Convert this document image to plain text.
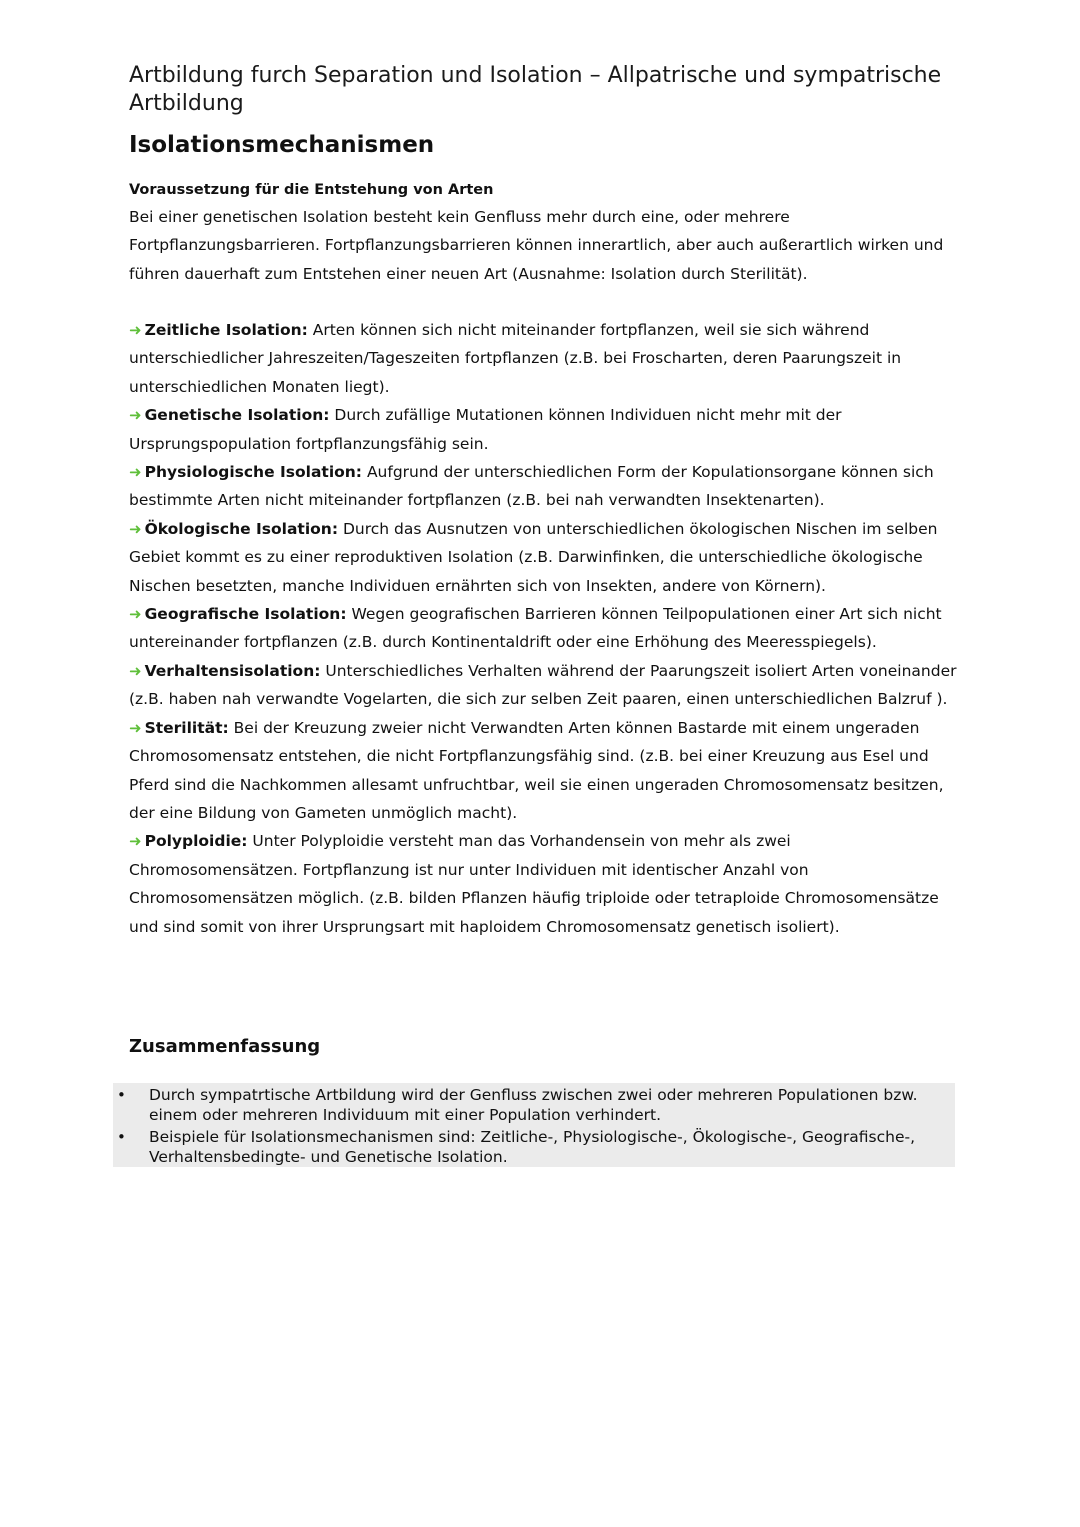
Artbildung furch Separation und Isolation – Allpatrische und sympatrische Artbildung
Isolationsmechanismen
Voraussetzung für die Entstehung von Arten

Bei einer genetischen Isolation besteht kein Genfluss mehr durch eine, oder mehrere Fortpflanzungsbarrieren. Fortpflanzungsbarrieren können innerartlich, aber auch außerartlich wirken und führen dauerhaft zum Entstehen einer neuen Art (Ausnahme: Isolation durch Sterilität).

➜ Zeitliche Isolation: Arten können sich nicht miteinander fortpflanzen, weil sie sich während unterschiedlicher Jahreszeiten/Tageszeiten fortpflanzen (z.B. bei Froscharten, deren Paarungszeit in unterschiedlichen Monaten liegt).
➜ Genetische Isolation: Durch zufällige Mutationen können Individuen nicht mehr mit der Ursprungspopulation fortpflanzungsfähig sein.
➜ Physiologische Isolation: Aufgrund der unterschiedlichen Form der Kopulationsorgane können sich bestimmte Arten nicht miteinander fortpflanzen (z.B. bei nah verwandten Insektenarten).
➜ Ökologische Isolation: Durch das Ausnutzen von unterschiedlichen ökologischen Nischen im selben Gebiet kommt es zu einer reproduktiven Isolation (z.B. Darwinfinken, die unterschiedliche ökologische Nischen besetzten, manche Individuen ernährten sich von Insekten, andere von Körnern).
➜ Geografische Isolation: Wegen geografischen Barrieren können Teilpopulationen einer Art sich nicht untereinander fortpflanzen (z.B. durch Kontinentaldrift oder eine Erhöhung des Meeresspiegels).
➜ Verhaltensisolation: Unterschiedliches Verhalten während der Paarungszeit isoliert Arten voneinander (z.B. haben nah verwandte Vogelarten, die sich zur selben Zeit paaren, einen unterschiedlichen Balzruf ).
➜ Sterilität: Bei der Kreuzung zweier nicht Verwandten Arten können Bastarde mit einem ungeraden Chromosomensatz entstehen, die nicht Fortpflanzungsfähig sind. (z.B. bei einer Kreuzung aus Esel und Pferd sind die Nachkommen allesamt unfruchtbar, weil sie einen ungeraden Chromosomensatz besitzen, der eine Bildung von Gameten unmöglich macht).
➜ Polyploidie: Unter Polyploidie versteht man das Vorhandensein von mehr als zwei Chromosomensätzen. Fortpflanzung ist nur unter Individuen mit identischer Anzahl von Chromosomensätzen möglich. (z.B. bilden Pflanzen häufig triploide oder tetraploide Chromosomensätze und sind somit von ihrer Ursprungsart mit haploidem Chromosomensatz genetisch isoliert).
Zusammenfassung
• Durch sympatrtische Artbildung wird der Genfluss zwischen zwei oder mehreren Populationen bzw. einem oder mehreren Individuum mit einer Population verhindert.
• Beispiele für Isolationsmechanismen sind: Zeitliche-, Physiologische-, Ökologische-, Geografische-, Verhaltensbedingte- und Genetische Isolation.
